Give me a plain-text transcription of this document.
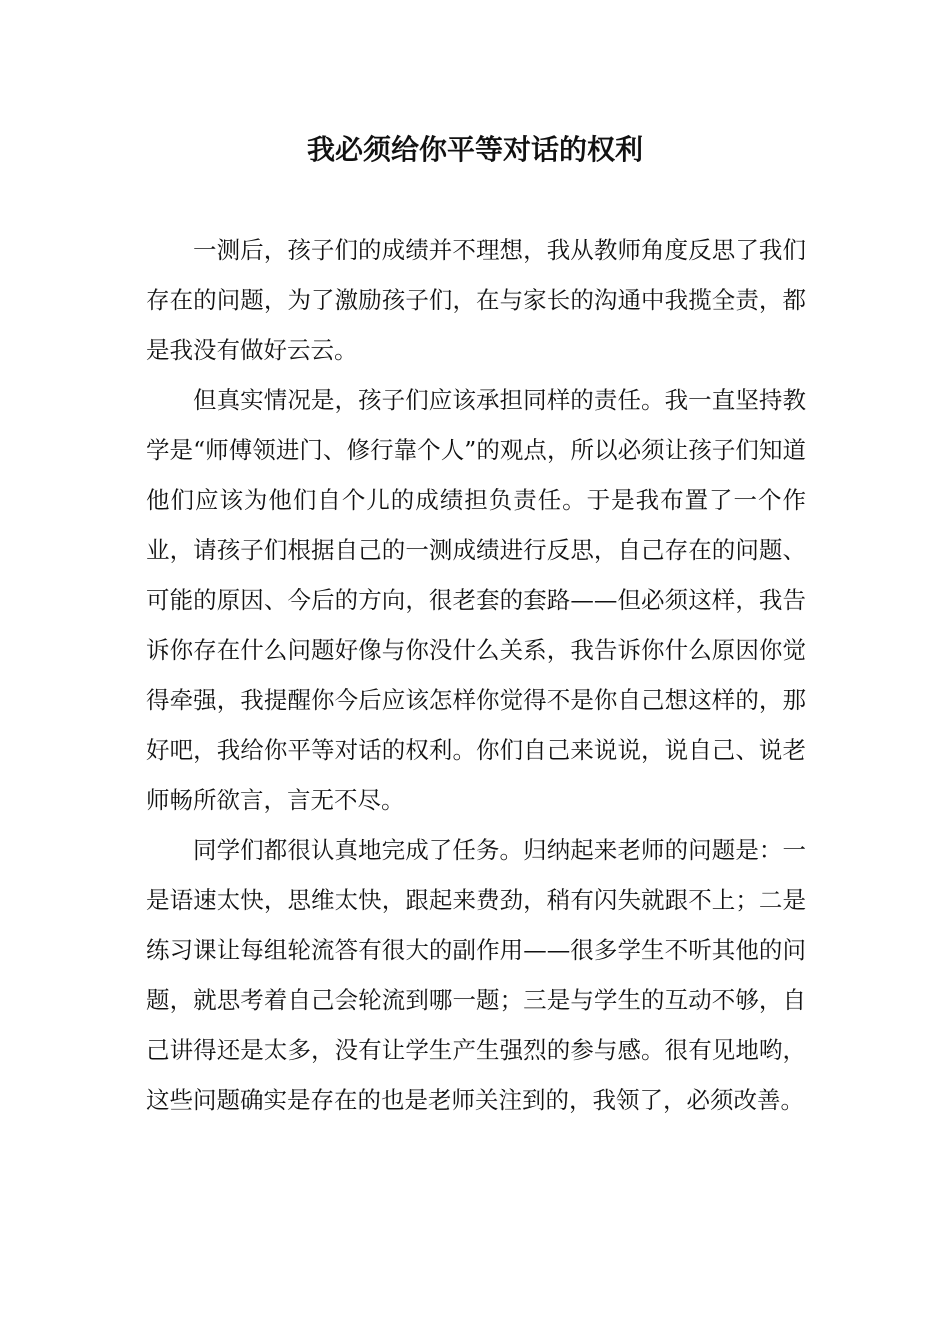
我必须给你平等对话的权利

一测后，孩子们的成绩并不理想，我从教师角度反思了我们存在的问题，为了激励孩子们，在与家长的沟通中我揽全责，都是我没有做好云云。

但真实情况是，孩子们应该承担同样的责任。我一直坚持教学是“师傅领进门、修行靠个人”的观点，所以必须让孩子们知道他们应该为他们自个儿的成绩担负责任。于是我布置了一个作业，请孩子们根据自己的一测成绩进行反思，自己存在的问题、可能的原因、今后的方向，很老套的套路——但必须这样，我告诉你存在什么问题好像与你没什么关系，我告诉你什么原因你觉得牵强，我提醒你今后应该怎样你觉得不是你自己想这样的，那好吧，我给你平等对话的权利。你们自己来说说，说自己、说老师畅所欲言，言无不尽。

同学们都很认真地完成了任务。归纳起来老师的问题是：一是语速太快，思维太快，跟起来费劲，稍有闪失就跟不上；二是练习课让每组轮流答有很大的副作用——很多学生不听其他的问题，就思考着自己会轮流到哪一题；三是与学生的互动不够，自己讲得还是太多，没有让学生产生强烈的参与感。很有见地哟，这些问题确实是存在的也是老师关注到的，我领了，必须改善。
